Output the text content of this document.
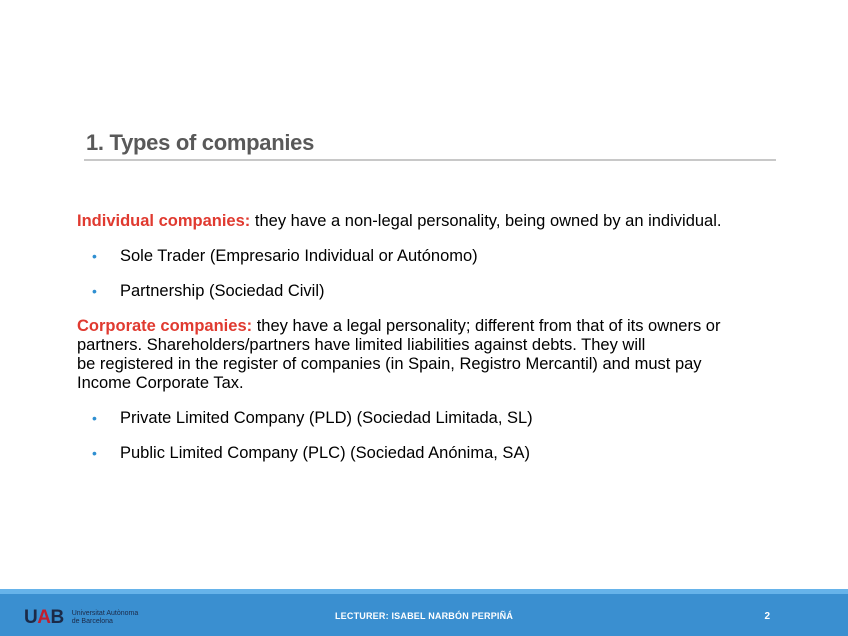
1. Types of companies

Individual companies: they have a non-legal personality, being owned by an individual.

• Sole Trader (Empresario Individual or Autónomo)
• Partnership (Sociedad Civil)

Corporate companies: they have a legal personality; different from that of its owners or
partners. Shareholders/partners have limited liabilities against debts. They will
be registered in the register of companies (in Spain, Registro Mercantil) and must pay
Income Corporate Tax.

• Private Limited Company (PLD) (Sociedad Limitada, SL)
• Public Limited Company (PLC) (Sociedad Anónima, SA)
UAB Universitat Autònoma
de Barcelona	LECTURER: ISABEL NARBÓN PERPIÑÁ	2
